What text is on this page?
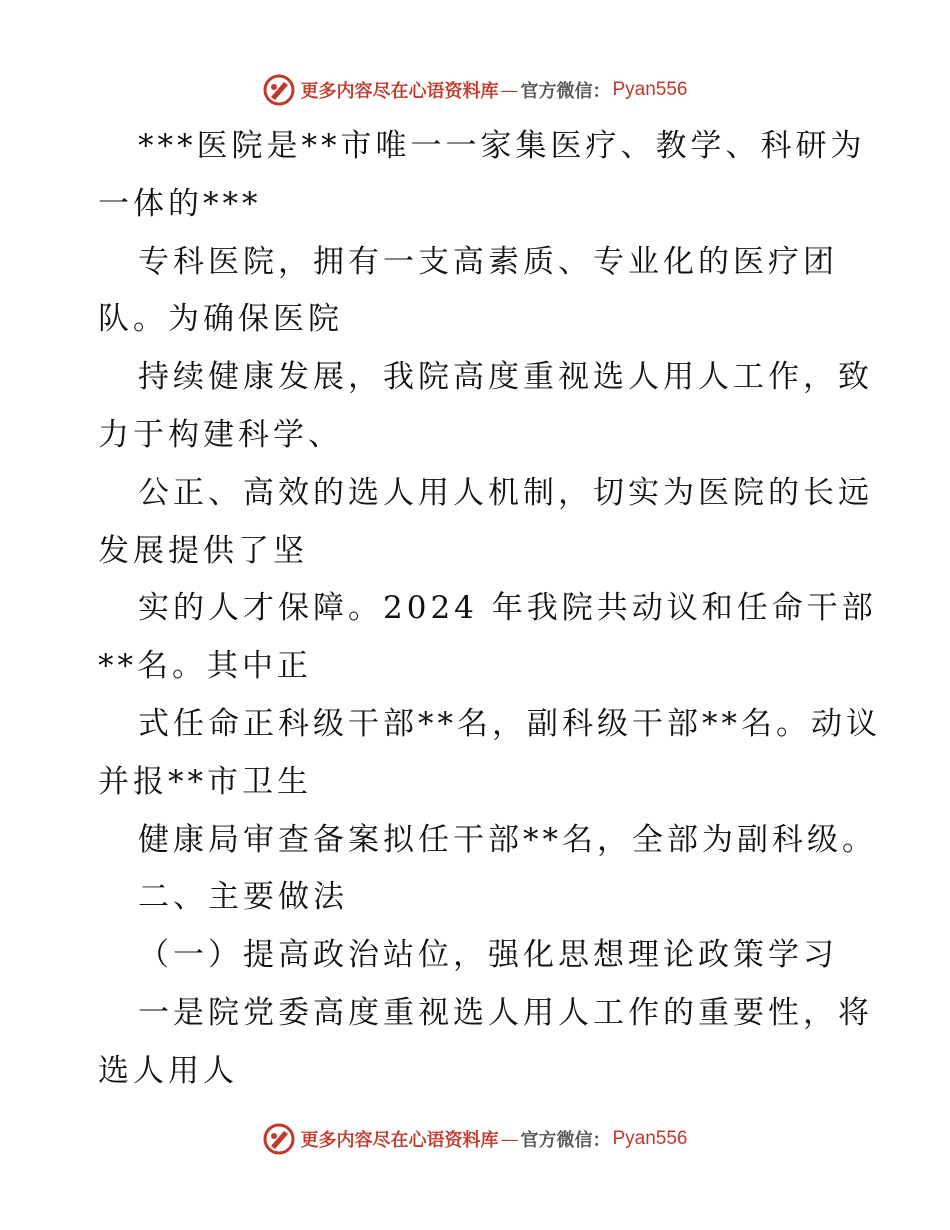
更多内容尽在心语资料库 — 官方微信： Pyan556
***医院是**市唯一一家集医疗、教学、科研为
一体的***
专科医院，拥有一支高素质、专业化的医疗团
队。为确保医院
持续健康发展，我院高度重视选人用人工作，致
力于构建科学、
公正、高效的选人用人机制，切实为医院的长远
发展提供了坚
实的人才保障。2024 年我院共动议和任命干部
**名。其中正
式任命正科级干部**名，副科级干部**名。动议
并报**市卫生
健康局审查备案拟任干部**名，全部为副科级。
二、主要做法
（一）提高政治站位，强化思想理论政策学习
一是院党委高度重视选人用人工作的重要性，将
选人用人
更多内容尽在心语资料库 — 官方微信： Pyan556
